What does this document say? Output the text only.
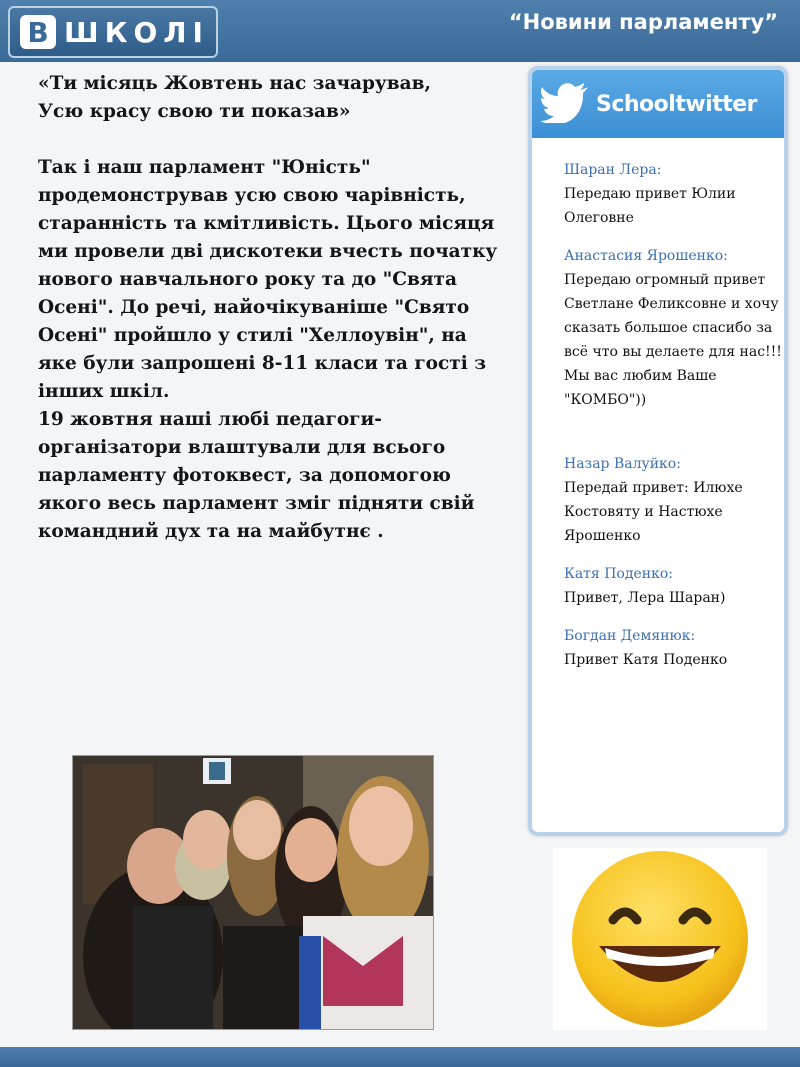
В ШКОЛІ	“Новини парламенту”

«Ти місяць Жовтень нас зачарував,

Усю красу свою ти показав»

Так і наш парламент "Юність" продемонстрував усю свою чарівність, старанність та кмітливість. Цього місяця ми провели дві дискотеки вчесть початку нового навчального року та до "Свята Осені". До речі, найочікуваніше "Свято Осені" пройшло у стилі "Хеллоувін", на яке були запрошені 8-11 класи та гості з інших шкіл.

19 жовтня наші любі педагоги-організатори влаштували для всього парламенту фотоквест, за допомогою якого весь парламент зміг підняти свій командний дух та на майбутнє .

Schooltwitter
Шаран Лера:
Передаю привет Юлии Олеговне
Анастасия Ярошенко:
Передаю огромный привет Светлане Феликсовне и хочу сказать большое спасибо за всё что вы делаете для нас!!! Мы вас любим Ваше "КОМБО"))
Назар Валуйко:
Передай привет: Илюхе Костовяту и Настюхе Ярошенко
Катя Поденко:
Привет, Лера Шаран)
Богдан Демянюк:
Привет Катя Поденко
